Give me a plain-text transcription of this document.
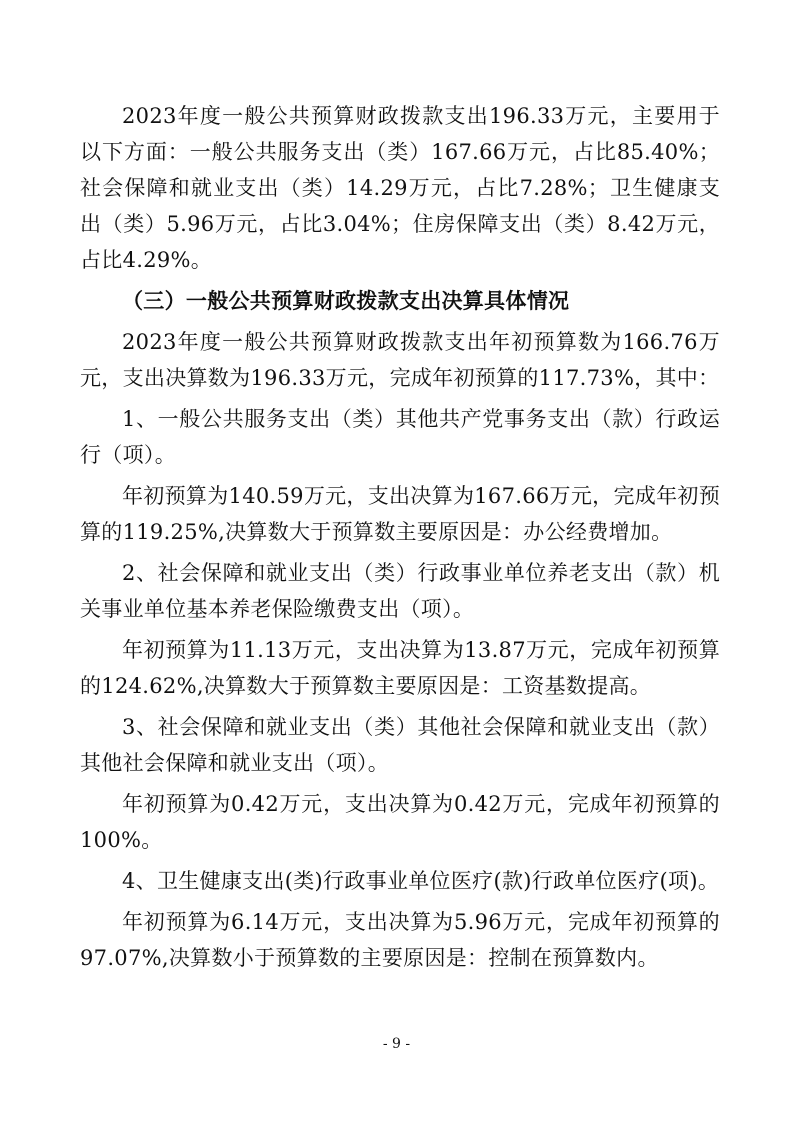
2023年度一般公共预算财政拨款支出196.33万元，主要用于以下方面：一般公共服务支出（类）167.66万元，占比85.40%；社会保障和就业支出（类）14.29万元，占比7.28%；卫生健康支出（类）5.96万元，占比3.04%；住房保障支出（类）8.42万元，占比4.29%。

（三）一般公共预算财政拨款支出决算具体情况

2023年度一般公共预算财政拨款支出年初预算数为166.76万元，支出决算数为196.33万元，完成年初预算的117.73%，其中：

1、一般公共服务支出（类）其他共产党事务支出（款）行政运行（项）。

年初预算为140.59万元，支出决算为167.66万元，完成年初预算的119.25%,决算数大于预算数主要原因是：办公经费增加。

2、社会保障和就业支出（类）行政事业单位养老支出（款）机关事业单位基本养老保险缴费支出（项）。

年初预算为11.13万元，支出决算为13.87万元，完成年初预算的124.62%,决算数大于预算数主要原因是：工资基数提高。

3、社会保障和就业支出（类）其他社会保障和就业支出（款）其他社会保障和就业支出（项）。

年初预算为0.42万元，支出决算为0.42万元，完成年初预算的100%。

4、卫生健康支出(类)行政事业单位医疗(款)行政单位医疗(项)。

年初预算为6.14万元，支出决算为5.96万元，完成年初预算的97.07%,决算数小于预算数的主要原因是：控制在预算数内。

- 9 -
